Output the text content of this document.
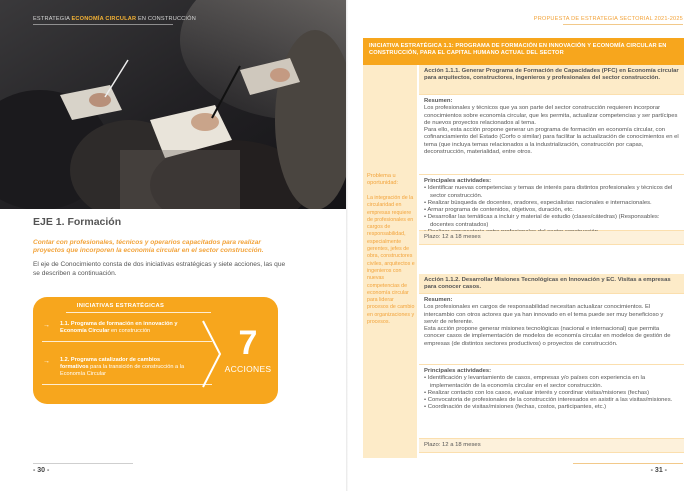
ESTRATEGIA ECONOMÍA CIRCULAR EN CONSTRUCCIÓN
EJE 1. Formación
Contar con profesionales, técnicos y operarios capacitados para realizar proyectos que incorporen la economía circular en el sector construcción.
El eje de Conocimiento consta de dos iniciativas estratégicas y siete acciones, las que se describen a continuación.
INICIATIVAS ESTRATÉGICAS
→ 1.1. Programa de formación en innovación y Economía Circular en construcción
→ 1.2. Programa catalizador de cambios formativos para la transición de construcción a la Economía Circular
7
ACCIONES
- 30 -
PROPUESTA DE ESTRATEGIA SECTORIAL 2021-2025
INICIATIVA ESTRATÉGICA 1.1: PROGRAMA DE FORMACIÓN EN INNOVACIÓN Y ECONOMÍA CIRCULAR EN CONSTRUCCIÓN, PARA EL CAPITAL HUMANO ACTUAL DEL SECTOR
Problema u oportunidad:
La integración de la circularidad en empresas requiere de profesionales en cargos de responsabilidad, especialmente gerentes, jefes de obra, constructores civiles, arquitectos e ingenieros con nuevas competencias de economía circular para liderar procesos de cambio en organizaciones y procesos.
Acción 1.1.1. Generar Programa de Formación de Capacidades (PFC) en Economía circular para arquitectos, constructores, ingenieros y profesionales del sector construcción.

Resumen:

Los profesionales y técnicos que ya son parte del sector construcción requieren incorporar conocimientos sobre economía circular, que les permita, actualizar competencias y ser partícipes de nuevos proyectos relacionados al tema.

Para ello, esta acción propone generar un programa de formación en economía circular, con cofinanciamiento del Estado (Corfo o similar) para facilitar la actualización de conocimientos en el tema (que incluya temas relacionados a la industrialización, construcción por capas, deconstrucción, materialidad, entre otros.

Principales actividades:

• Identificar nuevas competencias y temas de interés para distintos profesionales y técnicos del sector construcción.
• Realizar búsqueda de docentes, oradores, especialistas nacionales e internacionales.
• Armar programa de contenidos, objetivos, duración, etc.
• Desarrollar las temáticas a incluir y material de estudio (clases/cátedras) (Responsables: docentes contratados)
•
Plazo: 12 a 18 meses
Acción 1.1.2. Desarrollar Misiones Tecnológicas en Innovación y EC. Visitas a empresas para conocer casos.

Resumen:

Los profesionales en cargos de responsabilidad necesitan actualizar conocimientos. El intercambio con otros actores que ya han innovado en el tema puede ser muy beneficioso y servir de referente.

Esta acción propone generar misiones tecnológicas (nacional e internacional) que permita conocer casos de implementación de modelos de economía circular en modelos de gestión de empresas (de distintos sectores productivos) o proyectos de construcción.

Principales actividades:

• Identificación y levantamiento de casos, empresas y/o países con experiencia en la implementación de la economía circular en el sector construcción.
• Realizar contacto con los casos, evaluar interés y coordinar visitas/misiones (fechas)
• Convocatoria de profesionales de la construcción interesados en asistir a las visitas/misiones.
• Coordinación de visitas/misiones (fechas, costos, participantes, etc.)
Plazo: 12 a 18 meses
- 31 -
